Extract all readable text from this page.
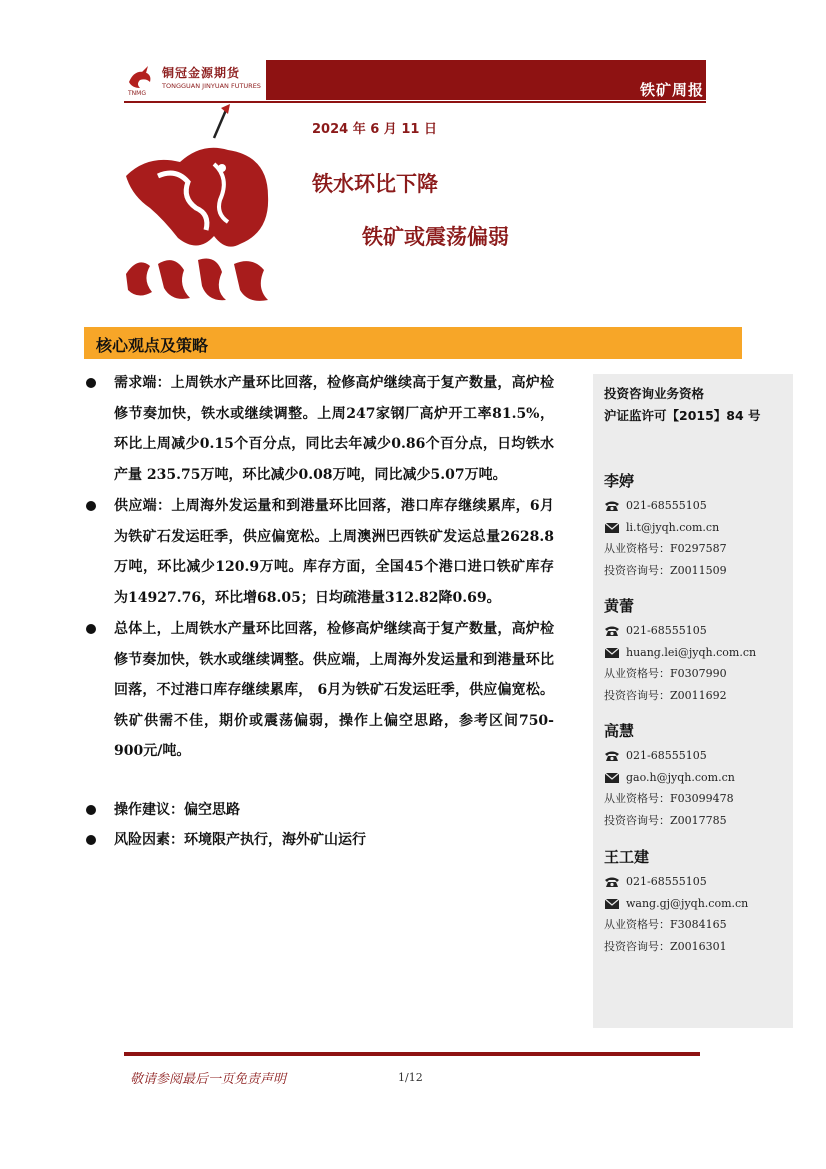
TNMG
铜冠金源期货
TONGGUAN JINYUAN FUTURES	铁矿周报
2024 年 6 月 11 日
铁水环比下降
铁矿或震荡偏弱
核心观点及策略
需求端：上周铁水产量环比回落，检修高炉继续高于复产数量，高炉检修节奏加快，铁水或继续调整。上周247家钢厂高炉开工率81.5%，环比上周减少0.15个百分点，同比去年减少0.86个百分点，日均铁水产量 235.75万吨，环比减少0.08万吨，同比减少5.07万吨。
供应端：上周海外发运量和到港量环比回落，港口库存继续累库，6月为铁矿石发运旺季，供应偏宽松。上周澳洲巴西铁矿发运总量2628.8万吨，环比减少120.9万吨。库存方面，全国45个港口进口铁矿库存为14927.76，环比增68.05；日均疏港量312.82降0.69。
总体上，上周铁水产量环比回落，检修高炉继续高于复产数量，高炉检修节奏加快，铁水或继续调整。供应端，上周海外发运量和到港量环比回落，不过港口库存继续累库， 6月为铁矿石发运旺季，供应偏宽松。铁矿供需不佳，期价或震荡偏弱，操作上偏空思路，参考区间750-900元/吨。
操作建议：偏空思路
风险因素：环境限产执行，海外矿山运行
投资咨询业务资格
沪证监许可【2015】84 号
李婷
021-68555105
li.t@jyqh.com.cn
从业资格号：F0297587
投资咨询号：Z0011509
黄蕾
021-68555105
huang.lei@jyqh.com.cn
从业资格号：F0307990
投资咨询号：Z0011692
高慧
021-68555105
gao.h@jyqh.com.cn
从业资格号：F03099478
投资咨询号：Z0017785
王工建
021-68555105
wang.gj@jyqh.com.cn
从业资格号：F3084165
投资咨询号：Z0016301
敬请参阅最后一页免责声明	1/12
